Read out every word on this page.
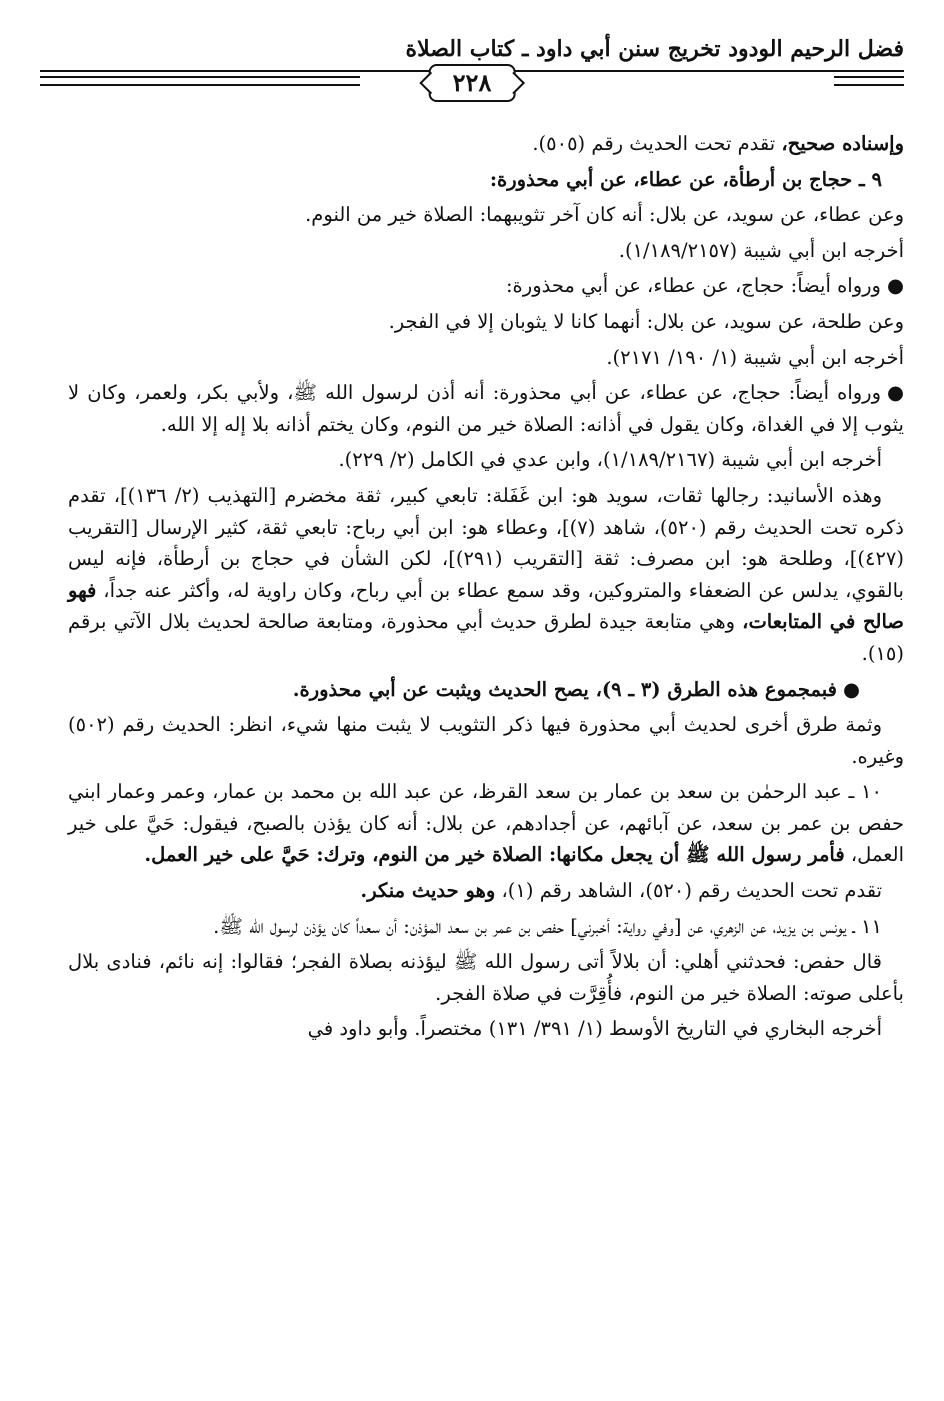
فضل الرحيم الودود تخريج سنن أبي داود ـ كتاب الصلاة
٢٢٨

وإسناده صحيح، تقدم تحت الحديث رقم (٥٠٥).

٩ ـ حجاج بن أرطأة، عن عطاء، عن أبي محذورة:

وعن عطاء، عن سويد، عن بلال: أنه كان آخر تثويبهما: الصلاة خير من النوم.

أخرجه ابن أبي شيبة (١/١٨٩/٢١٥٧).

●ورواه أيضاً: حجاج، عن عطاء، عن أبي محذورة:

وعن طلحة، عن سويد، عن بلال: أنهما كانا لا يثوبان إلا في الفجر.

أخرجه ابن أبي شيبة (١/ ١٩٠/ ٢١٧١).

●ورواه أيضاً: حجاج، عن عطاء، عن أبي محذورة: أنه أذن لرسول الله ﷺ، ولأبي بكر، ولعمر، وكان لا يثوب إلا في الغداة، وكان يقول في أذانه: الصلاة خير من النوم، وكان يختم أذانه بلا إله إلا الله.

أخرجه ابن أبي شيبة (١/١٨٩/٢١٦٧)، وابن عدي في الكامل (٢/ ٢٢٩).

وهذه الأسانيد: رجالها ثقات، سويد هو: ابن غَفَلة: تابعي كبير، ثقة مخضرم [التهذيب (٢/ ١٣٦)]، تقدم ذكره تحت الحديث رقم (٥٢٠)، شاهد (٧)]، وعطاء هو: ابن أبي رباح: تابعي ثقة، كثير الإرسال [التقريب (٤٢٧)]، وطلحة هو: ابن مصرف: ثقة [التقريب (٢٩١)]، لكن الشأن في حجاج بن أرطأة، فإنه ليس بالقوي، يدلس عن الضعفاء والمتروكين، وقد سمع عطاء بن أبي رباح، وكان راوية له، وأكثر عنه جداً، فهو صالح في المتابعات، وهي متابعة جيدة لطرق حديث أبي محذورة، ومتابعة صالحة لحديث بلال الآتي برقم (١٥).

●فبمجموع هذه الطرق (٣ ـ ٩)، يصح الحديث ويثبت عن أبي محذورة.

وثمة طرق أخرى لحديث أبي محذورة فيها ذكر التثويب لا يثبت منها شيء، انظر: الحديث رقم (٥٠٢) وغيره.

١٠ ـ عبد الرحمٰن بن سعد بن عمار بن سعد القرظ، عن عبد الله بن محمد بن عمار، وعمر وعمار ابني حفص بن عمر بن سعد، عن آبائهم، عن أجدادهم، عن بلال: أنه كان يؤذن بالصبح، فيقول: حَيَّ على خير العمل، فأمر رسول الله ﷺ أن يجعل مكانها: الصلاة خير من النوم، وترك: حَيَّ على خير العمل.

تقدم تحت الحديث رقم (٥٢٠)، الشاهد رقم (١)، وهو حديث منكر.

١١ ـ يونس بن يزيد، عن الزهري، عن [وفي رواية: أخبرني] حفص بن عمر بن سعد المؤذن: أن سعداً كان يؤذن لرسول الله ﷺ.

قال حفص: فحدثني أهلي: أن بلالاً أتى رسول الله ﷺ ليؤذنه بصلاة الفجر؛ فقالوا: إنه نائم، فنادى بلال بأعلى صوته: الصلاة خير من النوم، فأُقِرَّت في صلاة الفجر.

أخرجه البخاري في التاريخ الأوسط (١/ ٣٩١/ ١٣١) مختصراً. وأبو داود في
